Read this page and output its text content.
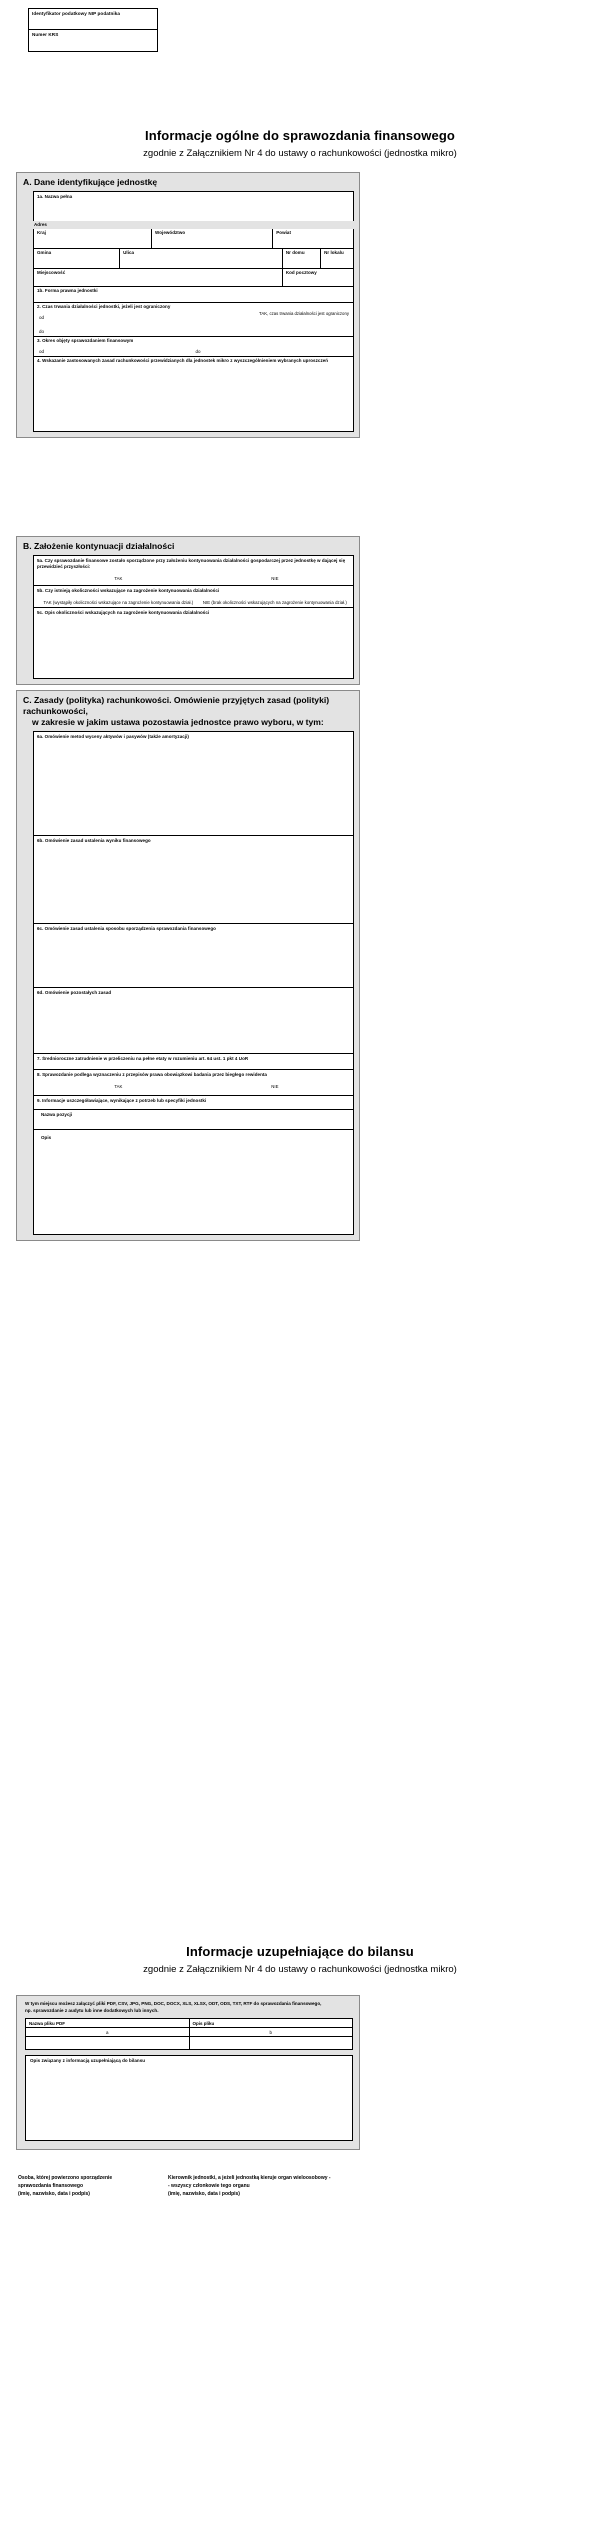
Identyfikator podatkowy NIP podatnika
Numer KRS
Informacje ogólne do sprawozdania finansowego
zgodnie z Załącznikiem Nr 4 do ustawy o rachunkowości (jednostka mikro)
A. Dane identyfikujące jednostkę
1a. Nazwa pełna
Adres
Kraj	Województwo	Powiat
Gmina	Ulica	Nr domu	Nr lokalu
Miejscowość	Kod pocztowy
1b. Forma prawna jednostki
2. Czas trwania działalności jednostki, jeżeli jest ograniczony
TAK, czas trwania działalności jest ograniczony
od
do
3. Okres objęty sprawozdaniem finansowym
od	do
4. Wskazanie zastosowanych zasad rachunkowości przewidzianych dla jednostek mikro z wyszczególnieniem wybranych uproszczeń
B. Założenie kontynuacji działalności
5a. Czy sprawozdanie finansowe zostało sporządzone przy założeniu kontynuowania działalności gospodarczej przez jednostkę w dającej się przewidzieć przyszłości:
TAK	NIE
5b. Czy istnieją okoliczności wskazujące na zagrożenie kontynuowania działalności
TAK (wystąpiły okoliczności wskazujące na zagrożenie kontynuowania dział.)	NIE (brak okoliczności wskazujących na zagrożenie kontynuowania dział.)
5c. Opis okoliczności wskazujących na zagrożenie kontynuowania działalności
C. Zasady (polityka) rachunkowości. Omówienie przyjętych zasad (polityki) rachunkowości,
w zakresie w jakim ustawa pozostawia jednostce prawo wyboru, w tym:
6a. Omówienie metod wyceny aktywów i pasywów (także amortyzacji)
6b. Omówienie zasad ustalenia wyniku finansowego
6c. Omówienie zasad ustalenia sposobu sporządzenia sprawozdania finansowego
6d. Omówienie pozostałych zasad
7. Średnioroczne zatrudnienie w przeliczeniu na pełne etaty w rozumieniu art. 64 ust. 1 pkt 4 UoR
8. Sprawozdanie podlega wyznaczeniu z przepisów prawa obowiązkowi badania przez biegłego rewidenta
TAK	NIE
9. Informacje uszczegóławiające, wynikające z potrzeb lub specyfiki jednostki
Nazwa pozycji
Opis
Informacje uzupełniające do bilansu
zgodnie z Załącznikiem Nr 4 do ustawy o rachunkowości (jednostka mikro)
W tym miejscu możesz załączyć pliki PDF, CSV, JPG, PNG, DOC, DOCX, XLS, XLSX, ODT, ODS, TXT, RTF do sprawozdania finansowego,
np. sprawozdanie z audytu lub inne dodatkowych lub innych.
Nazwa pliku PDF	Opis pliku
a	b

Opis związany z informacją uzupełniającą do bilansu
Osoba, której powierzono sporządzenie
sprawozdania finansowego
(imię, nazwisko, data i podpis)
Kierownik jednostki, a jeżeli jednostką kieruje organ wieloosobowy -
- wszyscy członkowie tego organu
(imię, nazwisko, data i podpis)
